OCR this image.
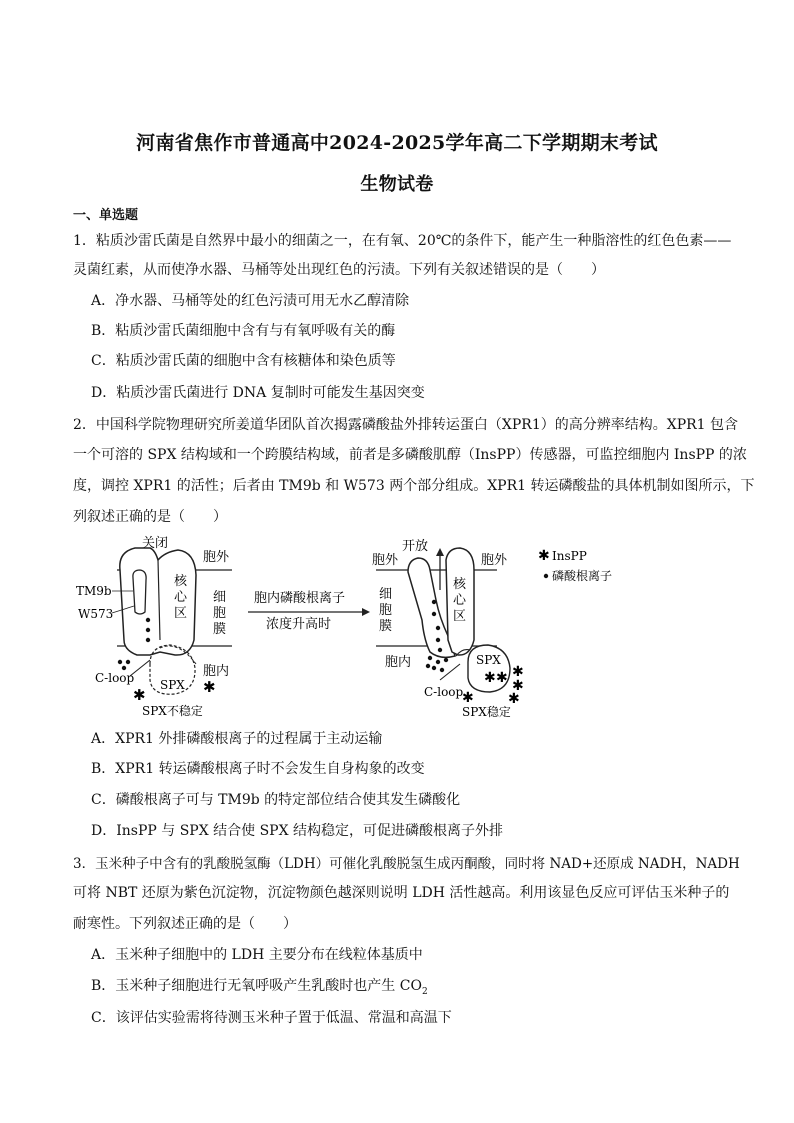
河南省焦作市普通高中2024-2025学年高二下学期期末考试
生物试卷
一、单选题
1．粘质沙雷氏菌是自然界中最小的细菌之一，在有氧、20℃的条件下，能产生一种脂溶性的红色色素——
灵菌红素，从而使净水器、马桶等处出现红色的污渍。下列有关叙述错误的是（　　）
A．净水器、马桶等处的红色污渍可用无水乙醇清除
B．粘质沙雷氏菌细胞中含有与有氧呼吸有关的酶
C．粘质沙雷氏菌的细胞中含有核糖体和染色质等
D．粘质沙雷氏菌进行 DNA 复制时可能发生基因突变
2．中国科学院物理研究所姜道华团队首次揭露磷酸盐外排转运蛋白（XPR1）的高分辨率结构。XPR1 包含
一个可溶的 SPX 结构域和一个跨膜结构域，前者是多磷酸肌醇（InsPP）传感器，可监控细胞内 InsPP 的浓
度，调控 XPR1 的活性；后者由 TM9b 和 W573 两个部分组成。XPR1 转运磷酸盐的具体机制如图所示，下
列叙述正确的是（　　）
✱
✱
关闭
胞外
TM9b
W573
核
心
区
细
胞
膜
胞内
SPX
C-loop
SPX不稳定
胞内磷酸根离子
浓度升高时
✱ ✱ ✱
✱
✱
✱
开放
胞外	胞外
细
胞
膜
核
心
区
胞内	SPX
C-loop
SPX稳定
✱ InsPP
磷酸根离子
A．XPR1 外排磷酸根离子的过程属于主动运输
B．XPR1 转运磷酸根离子时不会发生自身构象的改变
C．磷酸根离子可与 TM9b 的特定部位结合使其发生磷酸化
D．InsPP 与 SPX 结合使 SPX 结构稳定，可促进磷酸根离子外排
3．玉米种子中含有的乳酸脱氢酶（LDH）可催化乳酸脱氢生成丙酮酸，同时将 NAD+还原成 NADH，NADH
可将 NBT 还原为紫色沉淀物，沉淀物颜色越深则说明 LDH 活性越高。利用该显色反应可评估玉米种子的
耐寒性。下列叙述正确的是（　　）
A．玉米种子细胞中的 LDH 主要分布在线粒体基质中
B．玉米种子细胞进行无氧呼吸产生乳酸时也产生 $CO_2$
C．该评估实验需将待测玉米种子置于低温、常温和高温下
